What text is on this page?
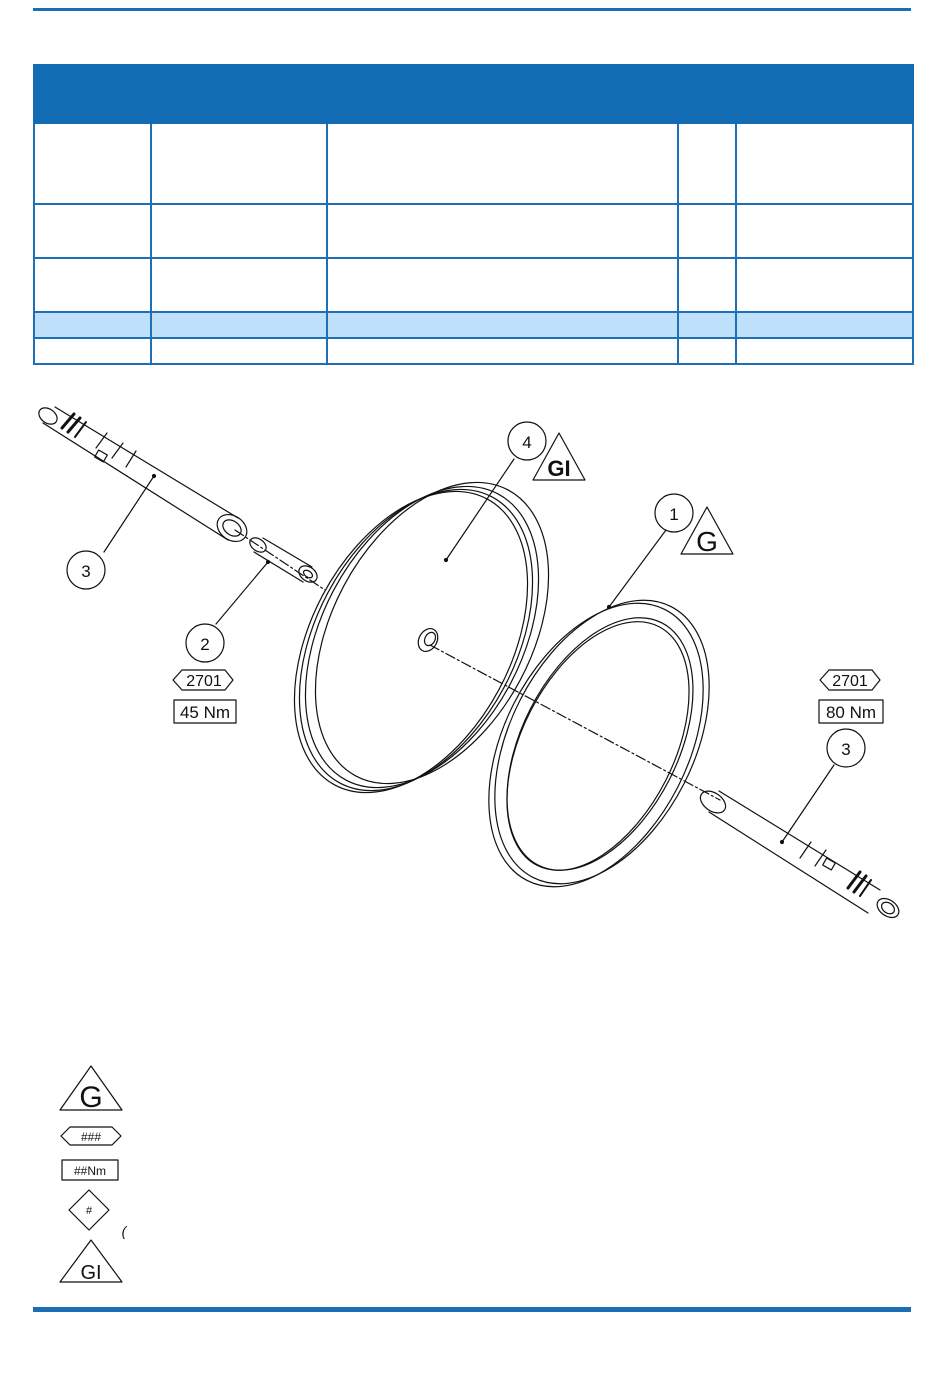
3
2
4
1
3
GI
G
2701
45 Nm
2701
80 Nm
G
###
##Nm
#
(
GI
